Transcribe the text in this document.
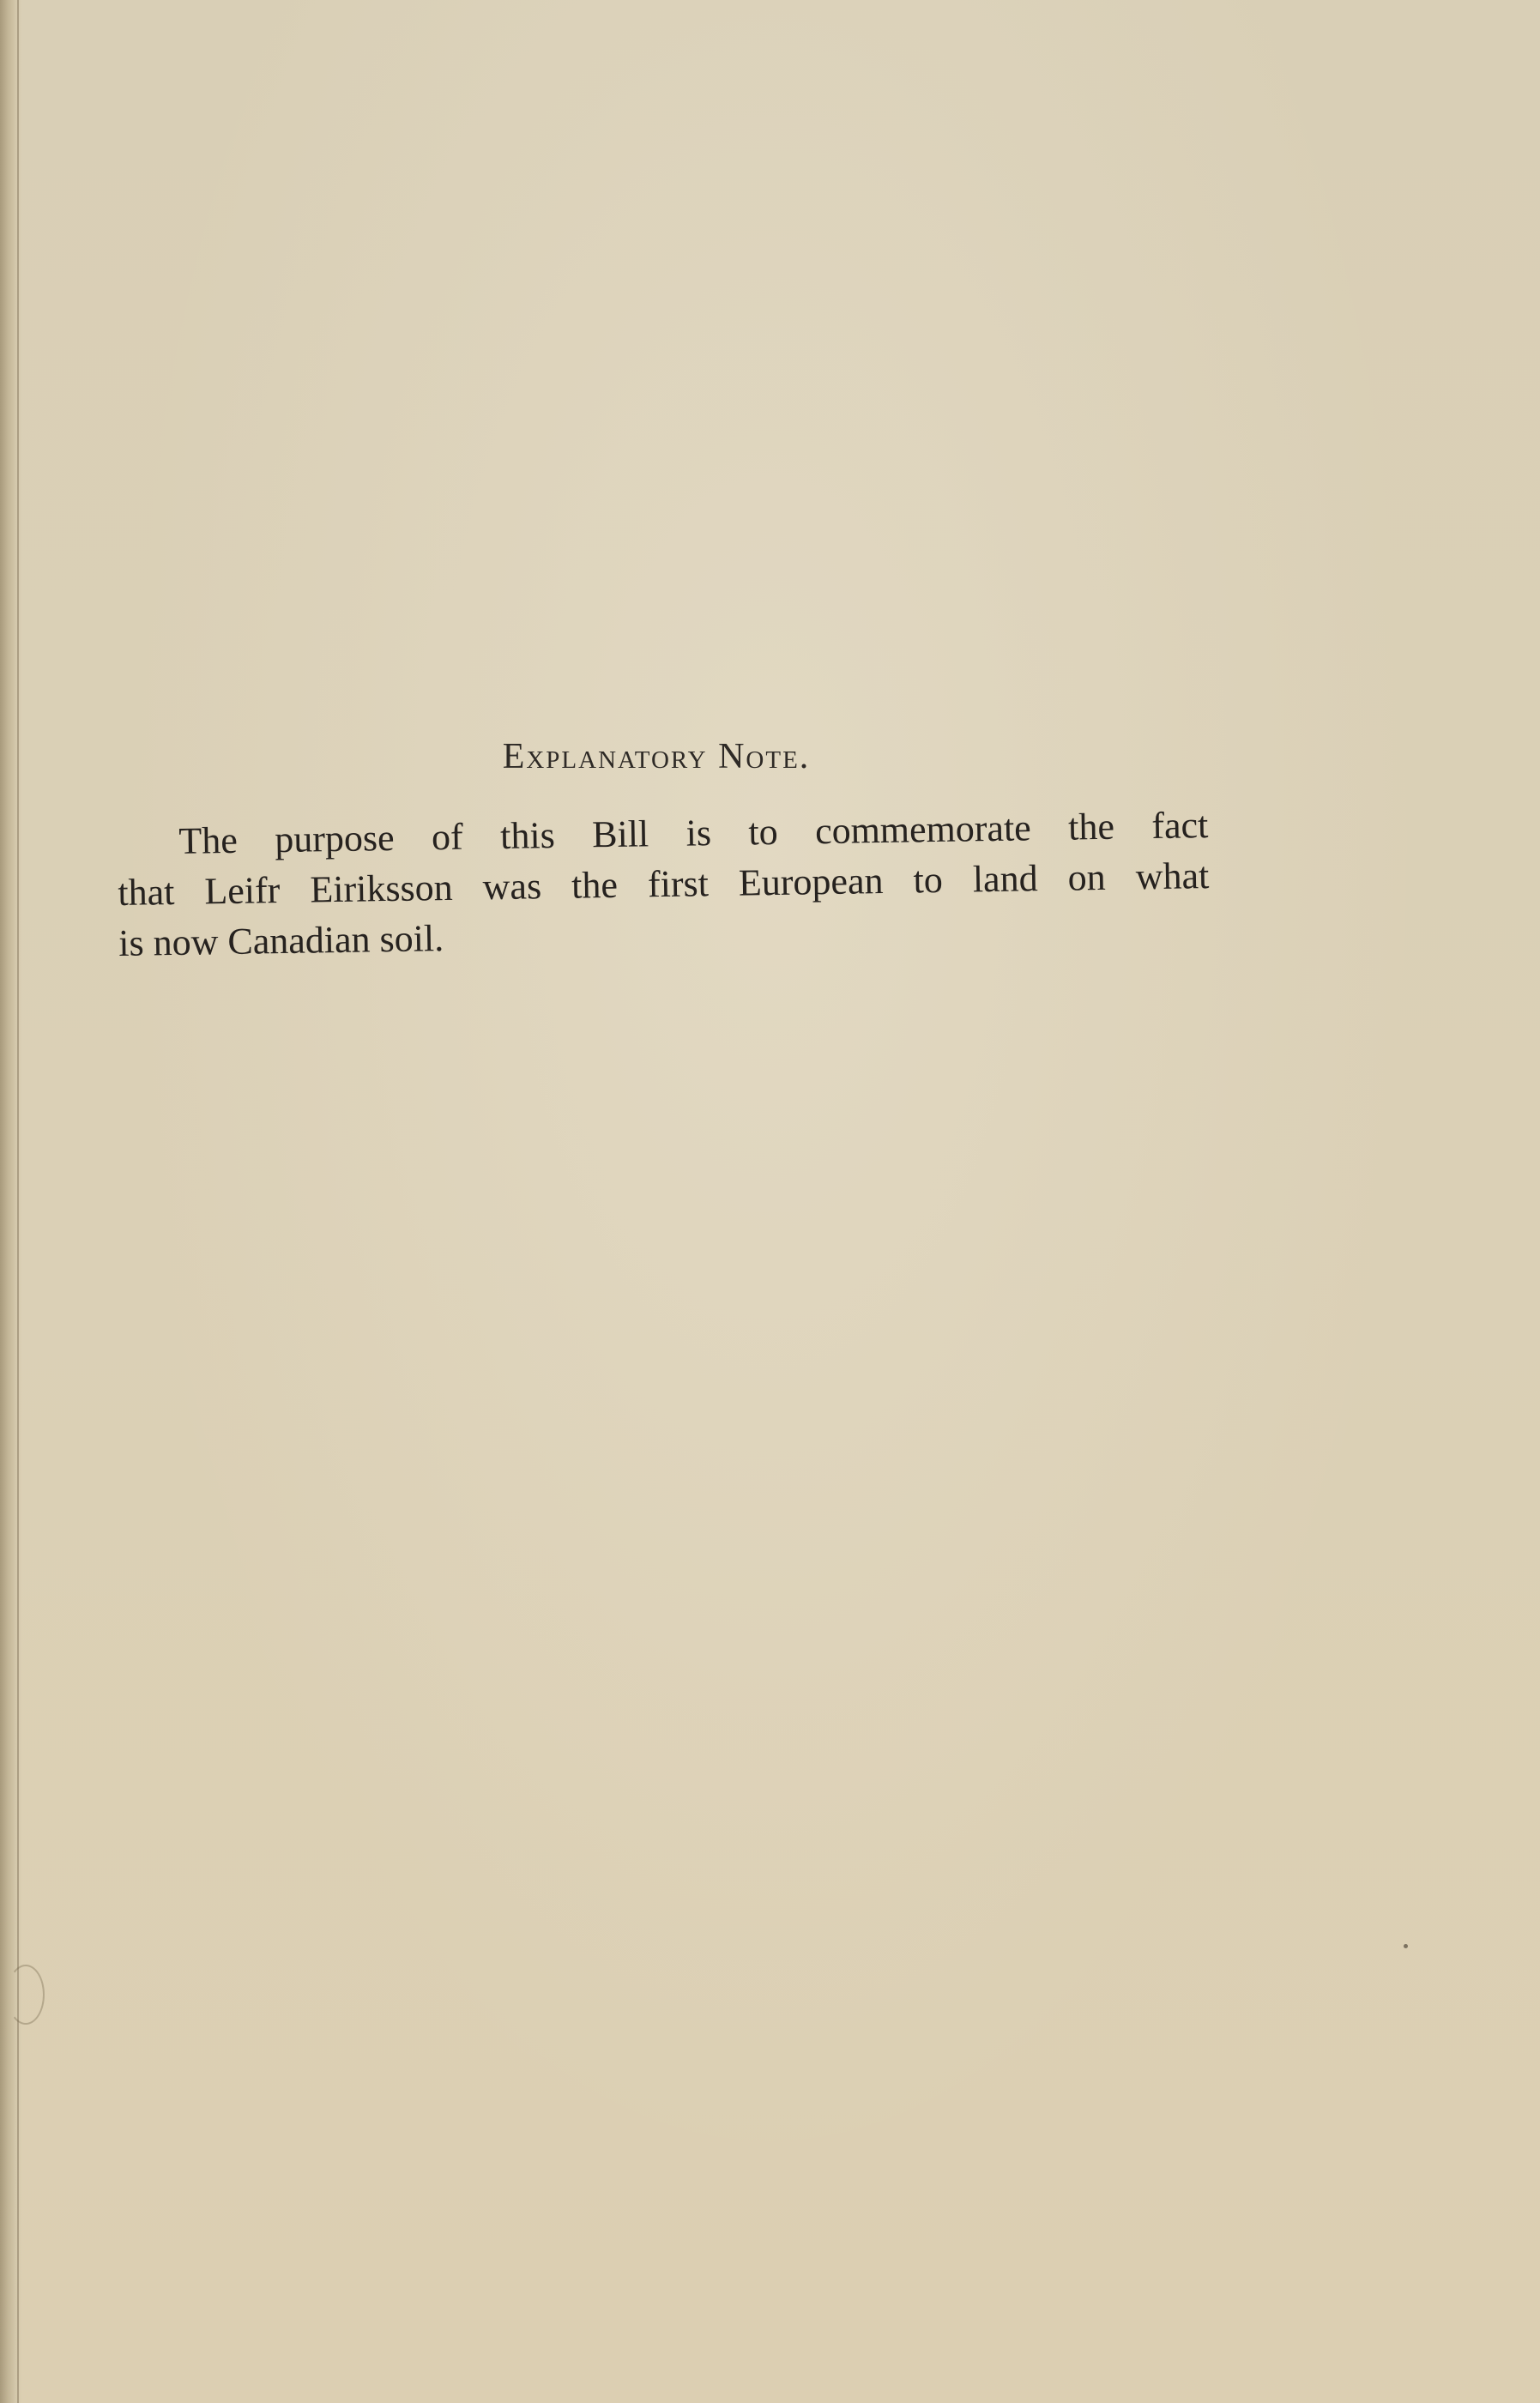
Explanatory Note.
The purpose of this Bill is to commemorate the fact
that Leifr Eiriksson was the first European to land on what
is now Canadian soil.
